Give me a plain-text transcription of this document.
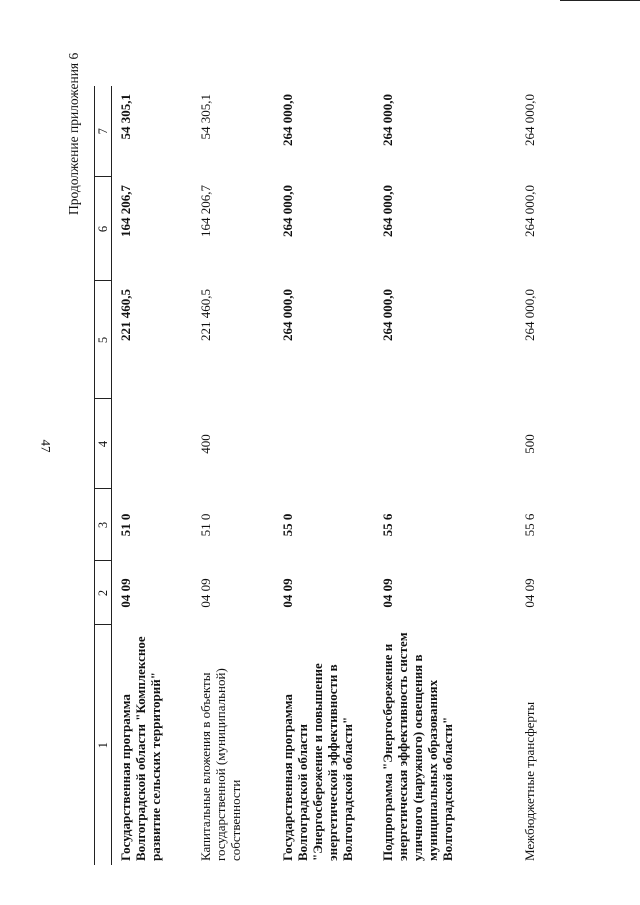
47
Продолжение приложения 6
1	2	3	4	5	6	7
Государственная программа Волгоградской области "Комплексное развитие сельских территорий"	04 09	51 0		221 460,5	164 206,7	54 305,1
Капитальные вложения в объекты государственной (муниципальной) собственности	04 09	51 0	400	221 460,5	164 206,7	54 305,1
Государственная программа Волгоградской области "Энергосбережение и повышение энергетической эффективности в Волгоградской области"	04 09	55 0		264 000,0	264 000,0	264 000,0
Подпрограмма "Энергосбережение и энергетическая эффективность систем уличного (наружного) освещения в муниципальных образованиях Волгоградской области"	04 09	55 6		264 000,0	264 000,0	264 000,0
Межбюджетные трансферты	04 09	55 6	500	264 000,0	264 000,0	264 000,0
